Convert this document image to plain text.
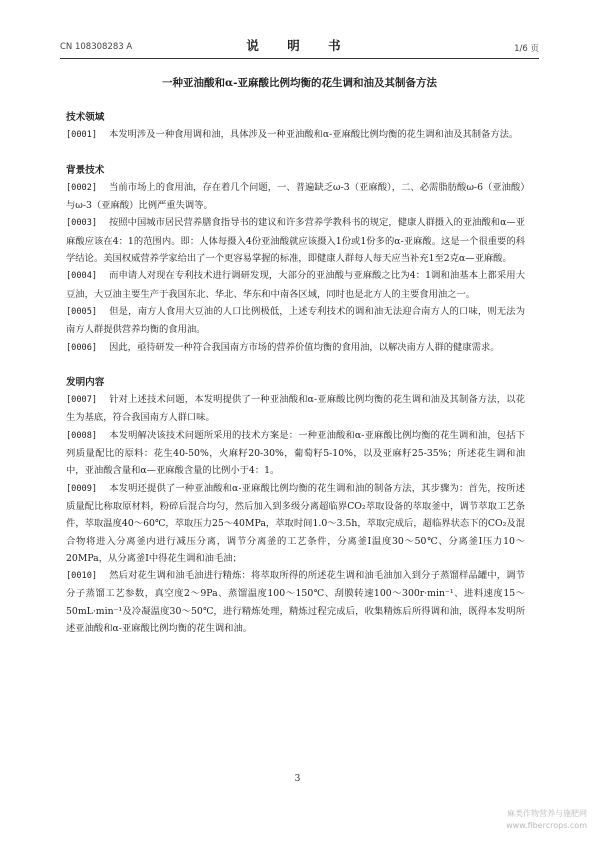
CN 108308283 A	说 明 书	1/6 页
一种亚油酸和α-亚麻酸比例均衡的花生调和油及其制备方法
技术领域

[0001] 本发明涉及一种食用调和油，具体涉及一种亚油酸和α-亚麻酸比例均衡的花生调和油及其制备方法。

背景技术

[0002] 当前市场上的食用油，存在着几个问题，一、普遍缺乏ω-3（亚麻酸），二、必需脂肪酸ω-6（亚油酸）与ω-3（亚麻酸）比例严重失调等。

[0003] 按照中国城市居民营养膳食指导书的建议和许多营养学教科书的规定，健康人群摄入的亚油酸和α—亚麻酸应该在4：1的范围内。即：人体每摄入4份亚油酸就应该摄入1份或1份多的α-亚麻酸。这是一个很重要的科学结论。美国权威营养学家给出了一个更容易掌握的标准，即健康人群每人每天应当补充1至2克α—亚麻酸。

[0004] 而申请人对现在专利技术进行调研发现，大部分的亚油酸与亚麻酸之比为4：1调和油基本上都采用大豆油，大豆油主要生产于我国东北、华北、华东和中南各区域，同时也是北方人的主要食用油之一。

[0005] 但是，南方人食用大豆油的人口比例极低，上述专利技术的调和油无法迎合南方人的口味，则无法为南方人群提供营养均衡的食用油。

[0006] 因此，亟待研发一种符合我国南方市场的营养价值均衡的食用油，以解决南方人群的健康需求。

发明内容

[0007] 针对上述技术问题，本发明提供了一种亚油酸和α-亚麻酸比例均衡的花生调和油及其制备方法，以花生为基底，符合我国南方人群口味。

[0008] 本发明解决该技术问题所采用的技术方案是：一种亚油酸和α-亚麻酸比例均衡的花生调和油，包括下列质量配比的原料：花生40-50%，火麻籽20-30%，葡萄籽5-10%，以及亚麻籽25-35%；所述花生调和油中，亚油酸含量和α—亚麻酸含量的比例小于4：1。

[0009] 本发明还提供了一种亚油酸和α-亚麻酸比例均衡的花生调和油的制备方法，其步骤为：首先，按所述质量配比称取原材料，粉碎后混合均匀，然后加入到多级分离超临界CO₂萃取设备的萃取釜中，调节萃取工艺条件，萃取温度40～60℃，萃取压力25～40MPa，萃取时间1.0～3.5h，萃取完成后，超临界状态下的CO₂及混合物将进入分离釜内进行减压分离，调节分离釜的工艺条件，分离釜Ⅰ温度30～50℃、分离釜Ⅰ压力10～20MPa，从分离釜Ⅰ中得花生调和油毛油；

[0010] 然后对花生调和油毛油进行精炼：将萃取所得的所述花生调和油毛油加入到分子蒸馏样品罐中，调节分子蒸馏工艺参数，真空度2～9Pa、蒸馏温度100～150℃、刮膜转速100～300r·min⁻¹、进料速度15～50mL·min⁻¹及冷凝温度30～50℃，进行精炼处理，精炼过程完成后，收集精炼后所得调和油，既得本发明所述亚油酸和α-亚麻酸比例均衡的花生调和油。

3
麻类作物营养与施肥网
www.fibercrops.com
